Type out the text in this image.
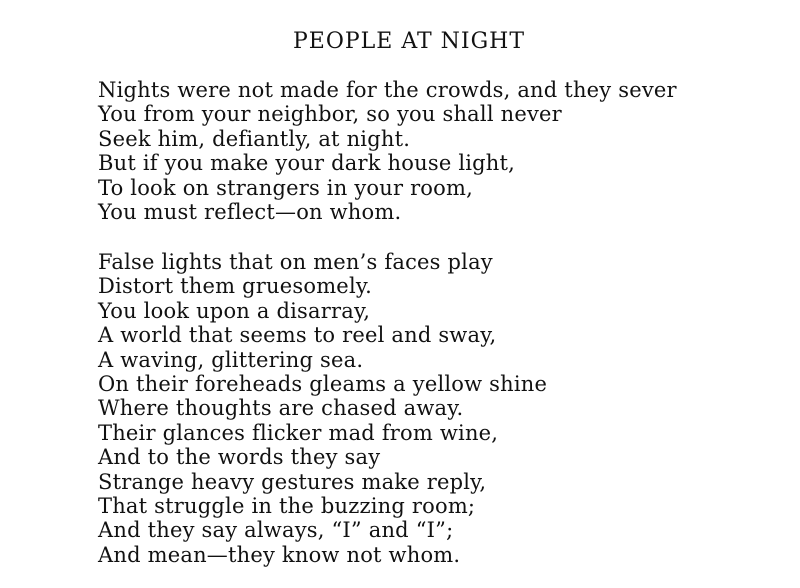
PEOPLE AT NIGHT
Nights were not made for the crowds, and they sever
You from your neighbor, so you shall never
Seek him, defiantly, at night.
But if you make your dark house light,
To look on strangers in your room,
You must reflect—on whom.
False lights that on men’s faces play
Distort them gruesomely.
You look upon a disarray,
A world that seems to reel and sway,
A waving, glittering sea.
On their foreheads gleams a yellow shine
Where thoughts are chased away.
Their glances flicker mad from wine,
And to the words they say
Strange heavy gestures make reply,
That struggle in the buzzing room;
And they say always, “I” and “I”;
And mean—they know not whom.
